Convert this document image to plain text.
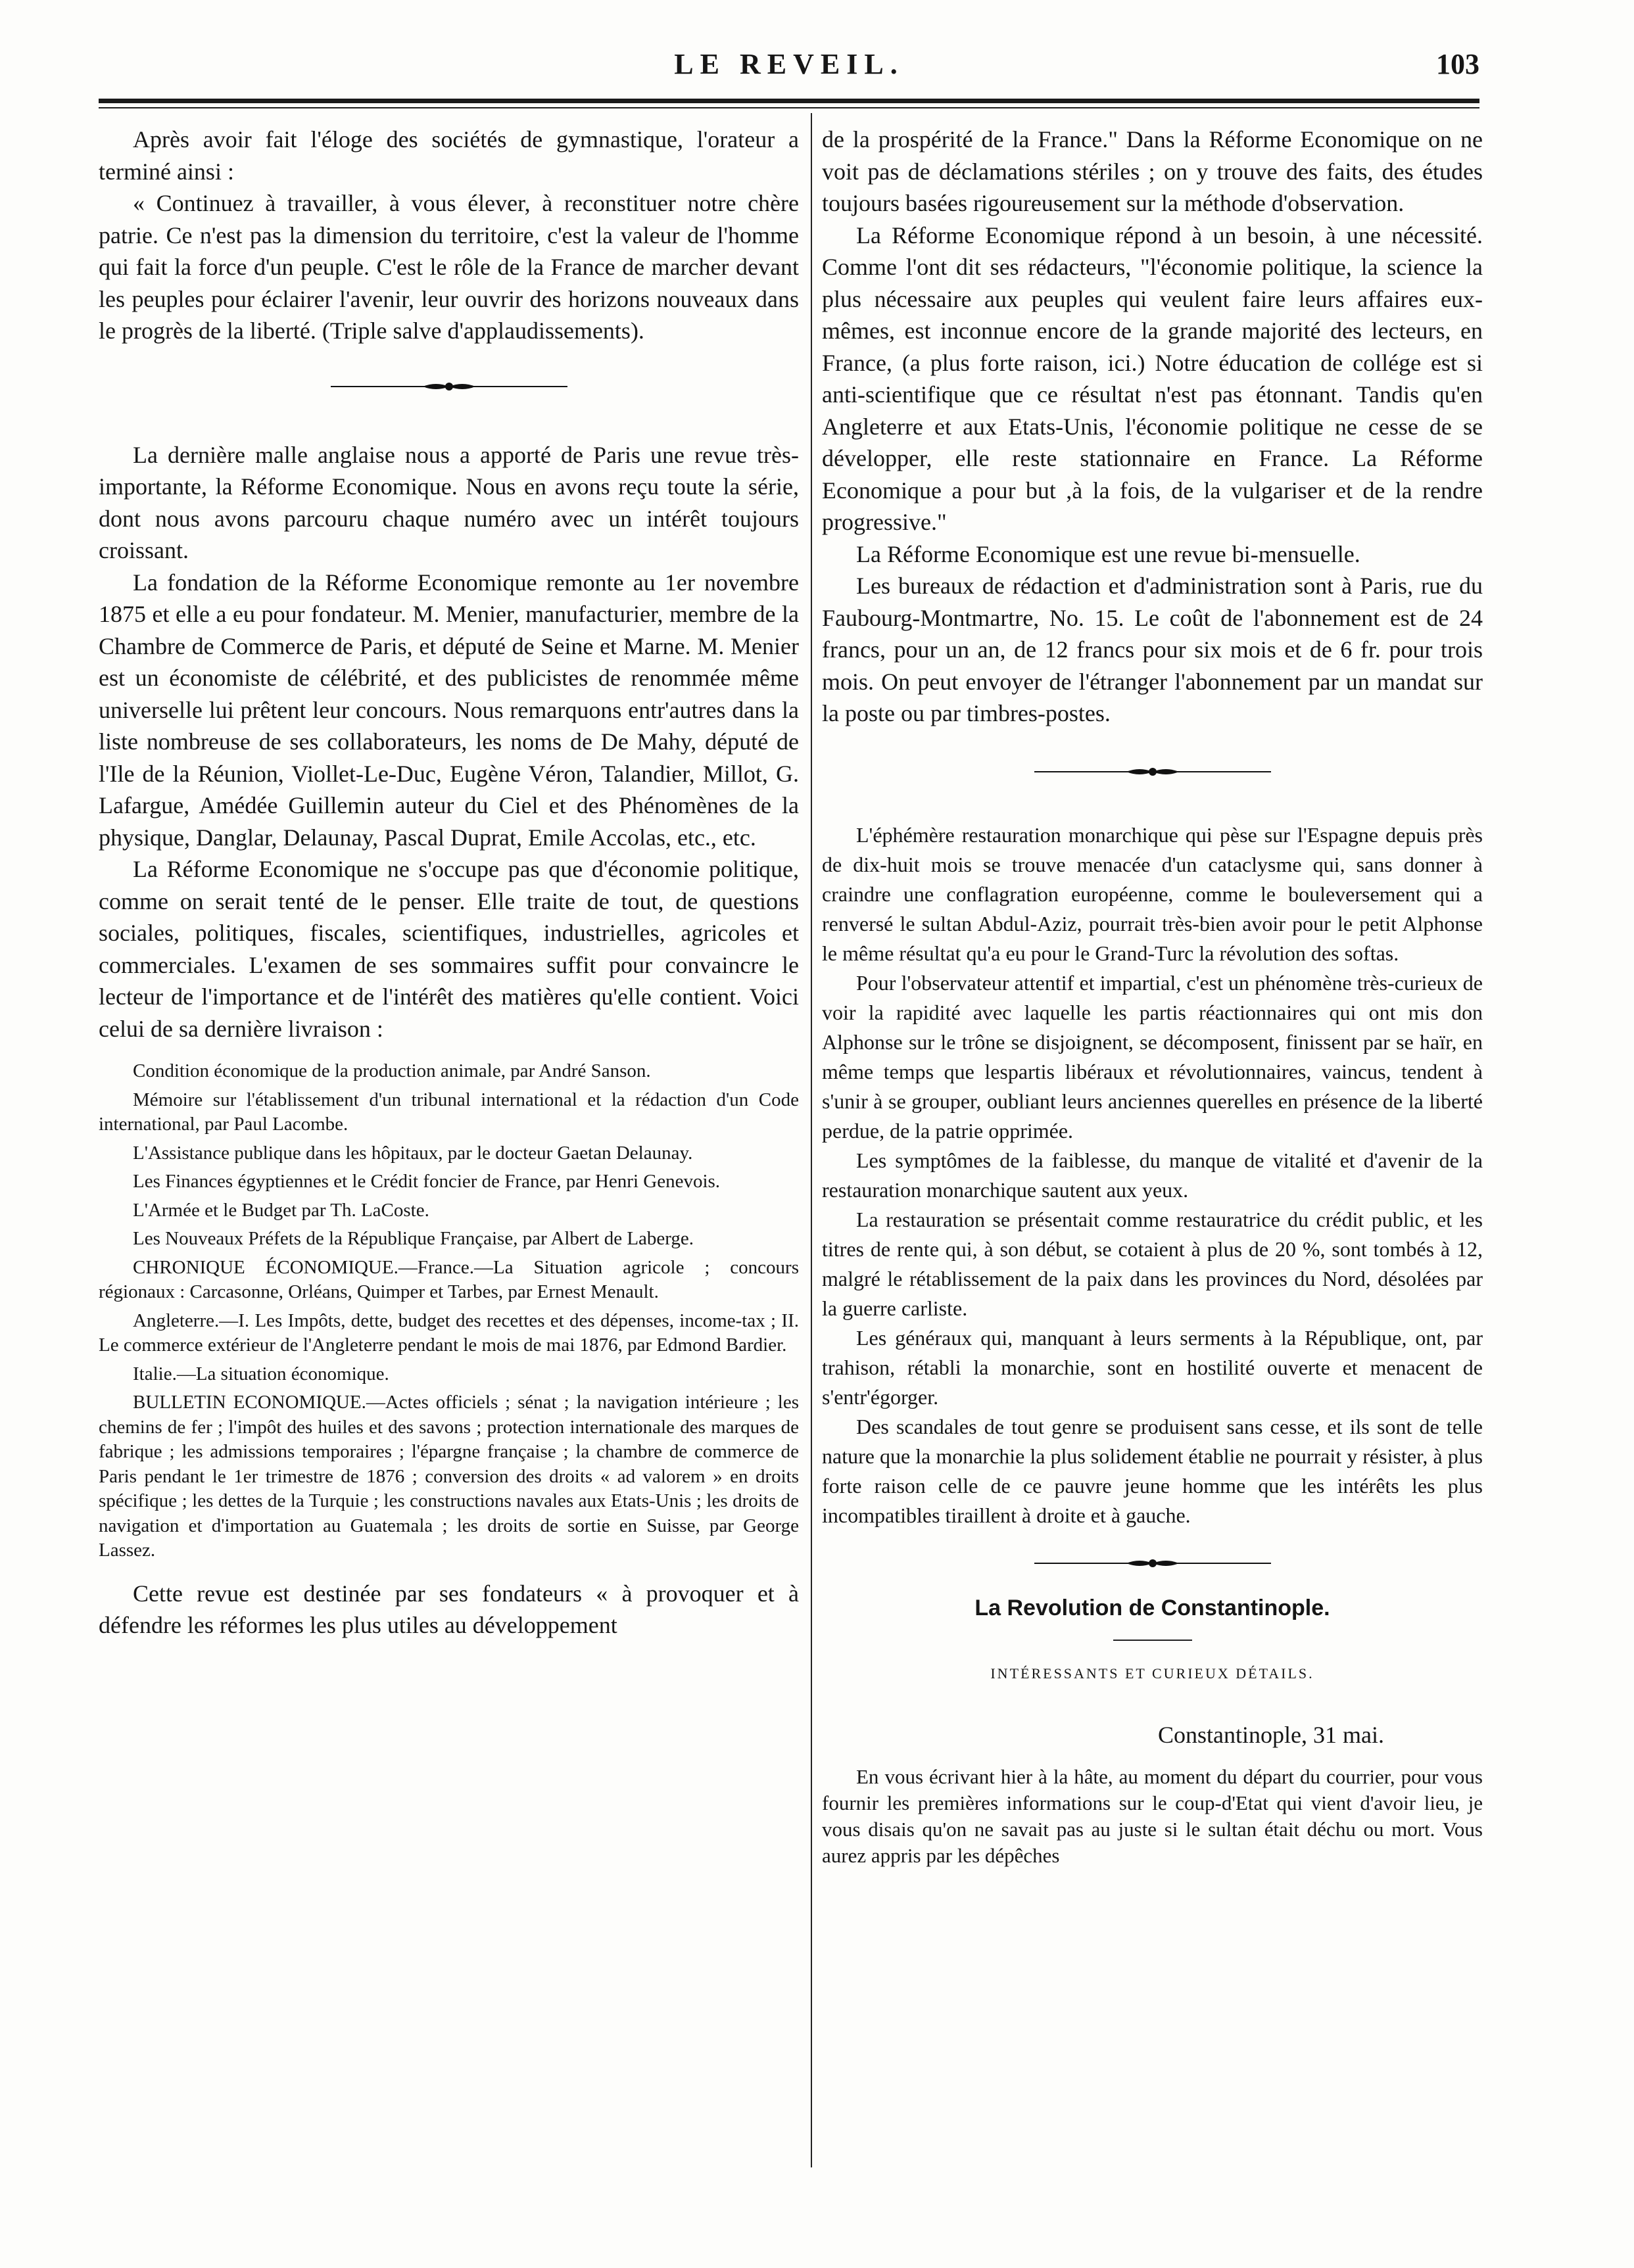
LE REVEIL.	103

Après avoir fait l'éloge des sociétés de gymnastique, l'orateur a terminé ainsi :

« Continuez à travailler, à vous élever, à reconstituer notre chère patrie. Ce n'est pas la dimension du territoire, c'est la valeur de l'homme qui fait la force d'un peuple. C'est le rôle de la France de marcher devant les peuples pour éclairer l'avenir, leur ouvrir des horizons nouveaux dans le progrès de la liberté. (Triple salve d'applaudissements).

La dernière malle anglaise nous a apporté de Paris une revue très-importante, la Réforme Economique. Nous en avons reçu toute la série, dont nous avons parcouru chaque numéro avec un intérêt toujours croissant.

La fondation de la Réforme Economique remonte au 1er novembre 1875 et elle a eu pour fondateur. M. Menier, manufacturier, membre de la Chambre de Commerce de Paris, et député de Seine et Marne. M. Menier est un économiste de célébrité, et des publicistes de renommée même universelle lui prêtent leur concours. Nous remarquons entr'autres dans la liste nombreuse de ses collaborateurs, les noms de De Mahy, député de l'Ile de la Réunion, Viollet-Le-Duc, Eugène Véron, Talandier, Millot, G. Lafargue, Amédée Guillemin auteur du Ciel et des Phénomènes de la physique, Danglar, Delaunay, Pascal Duprat, Emile Accolas, etc., etc.

La Réforme Economique ne s'occupe pas que d'économie politique, comme on serait tenté de le penser. Elle traite de tout, de questions sociales, politiques, fiscales, scientifiques, industrielles, agricoles et commerciales. L'examen de ses sommaires suffit pour convaincre le lecteur de l'importance et de l'intérêt des matières qu'elle contient. Voici celui de sa dernière livraison :

Condition économique de la production animale, par André Sanson.

Mémoire sur l'établissement d'un tribunal international et la rédaction d'un Code international, par Paul Lacombe.

L'Assistance publique dans les hôpitaux, par le docteur Gaetan Delaunay.

Les Finances égyptiennes et le Crédit foncier de France, par Henri Genevois.

L'Armée et le Budget par Th. LaCoste.

Les Nouveaux Préfets de la République Française, par Albert de Laberge.

CHRONIQUE ÉCONOMIQUE.—France.—La Situation agricole ; concours régionaux : Carcasonne, Orléans, Quimper et Tarbes, par Ernest Menault.

Angleterre.—I. Les Impôts, dette, budget des recettes et des dépenses, income-tax ; II. Le commerce extérieur de l'Angleterre pendant le mois de mai 1876, par Edmond Bardier.

Italie.—La situation économique.

BULLETIN ECONOMIQUE.—Actes officiels ; sénat ; la navigation intérieure ; les chemins de fer ; l'impôt des huiles et des savons ; protection internationale des marques de fabrique ; les admissions temporaires ; l'épargne française ; la chambre de commerce de Paris pendant le 1er trimestre de 1876 ; conversion des droits « ad valorem » en droits spécifique ; les dettes de la Turquie ; les constructions navales aux Etats-Unis ; les droits de navigation et d'importation au Guatemala ; les droits de sortie en Suisse, par George Lassez.

Cette revue est destinée par ses fondateurs « à provoquer et à défendre les réformes les plus utiles au développement

de la prospérité de la France." Dans la Réforme Economique on ne voit pas de déclamations stériles ; on y trouve des faits, des études toujours basées rigoureusement sur la méthode d'observation.

La Réforme Economique répond à un besoin, à une nécessité. Comme l'ont dit ses rédacteurs, "l'économie politique, la science la plus nécessaire aux peuples qui veulent faire leurs affaires eux-mêmes, est inconnue encore de la grande majorité des lecteurs, en France, (a plus forte raison, ici.) Notre éducation de collége est si anti-scientifique que ce résultat n'est pas étonnant. Tandis qu'en Angleterre et aux Etats-Unis, l'économie politique ne cesse de se développer, elle reste stationnaire en France. La Réforme Economique a pour but ,à la fois, de la vulgariser et de la rendre progressive."

La Réforme Economique est une revue bi-mensuelle.

Les bureaux de rédaction et d'administration sont à Paris, rue du Faubourg-Montmartre, No. 15. Le coût de l'abonnement est de 24 francs, pour un an, de 12 francs pour six mois et de 6 fr. pour trois mois. On peut envoyer de l'étranger l'abonnement par un mandat sur la poste ou par timbres-postes.

L'éphémère restauration monarchique qui pèse sur l'Espagne depuis près de dix-huit mois se trouve menacée d'un cataclysme qui, sans donner à craindre une conflagration européenne, comme le bouleversement qui a renversé le sultan Abdul-Aziz, pourrait très-bien avoir pour le petit Alphonse le même résultat qu'a eu pour le Grand-Turc la révolution des softas.

Pour l'observateur attentif et impartial, c'est un phénomène très-curieux de voir la rapidité avec laquelle les partis réactionnaires qui ont mis don Alphonse sur le trône se disjoignent, se décomposent, finissent par se haïr, en même temps que lespartis libéraux et révolutionnaires, vaincus, tendent à s'unir à se grouper, oubliant leurs anciennes querelles en présence de la liberté perdue, de la patrie opprimée.

Les symptômes de la faiblesse, du manque de vitalité et d'avenir de la restauration monarchique sautent aux yeux.

La restauration se présentait comme restauratrice du crédit public, et les titres de rente qui, à son début, se cotaient à plus de 20 %, sont tombés à 12, malgré le rétablissement de la paix dans les provinces du Nord, désolées par la guerre carliste.

Les généraux qui, manquant à leurs serments à la République, ont, par trahison, rétabli la monarchie, sont en hostilité ouverte et menacent de s'entr'égorger.

Des scandales de tout genre se produisent sans cesse, et ils sont de telle nature que la monarchie la plus solidement établie ne pourrait y résister, à plus forte raison celle de ce pauvre jeune homme que les intérêts les plus incompatibles tiraillent à droite et à gauche.

La Revolution de Constantinople.
INTÉRESSANTS ET CURIEUX DÉTAILS.
Constantinople, 31 mai.

En vous écrivant hier à la hâte, au moment du départ du courrier, pour vous fournir les premières informations sur le coup-d'Etat qui vient d'avoir lieu, je vous disais qu'on ne savait pas au juste si le sultan était déchu ou mort. Vous aurez appris par les dépêches
